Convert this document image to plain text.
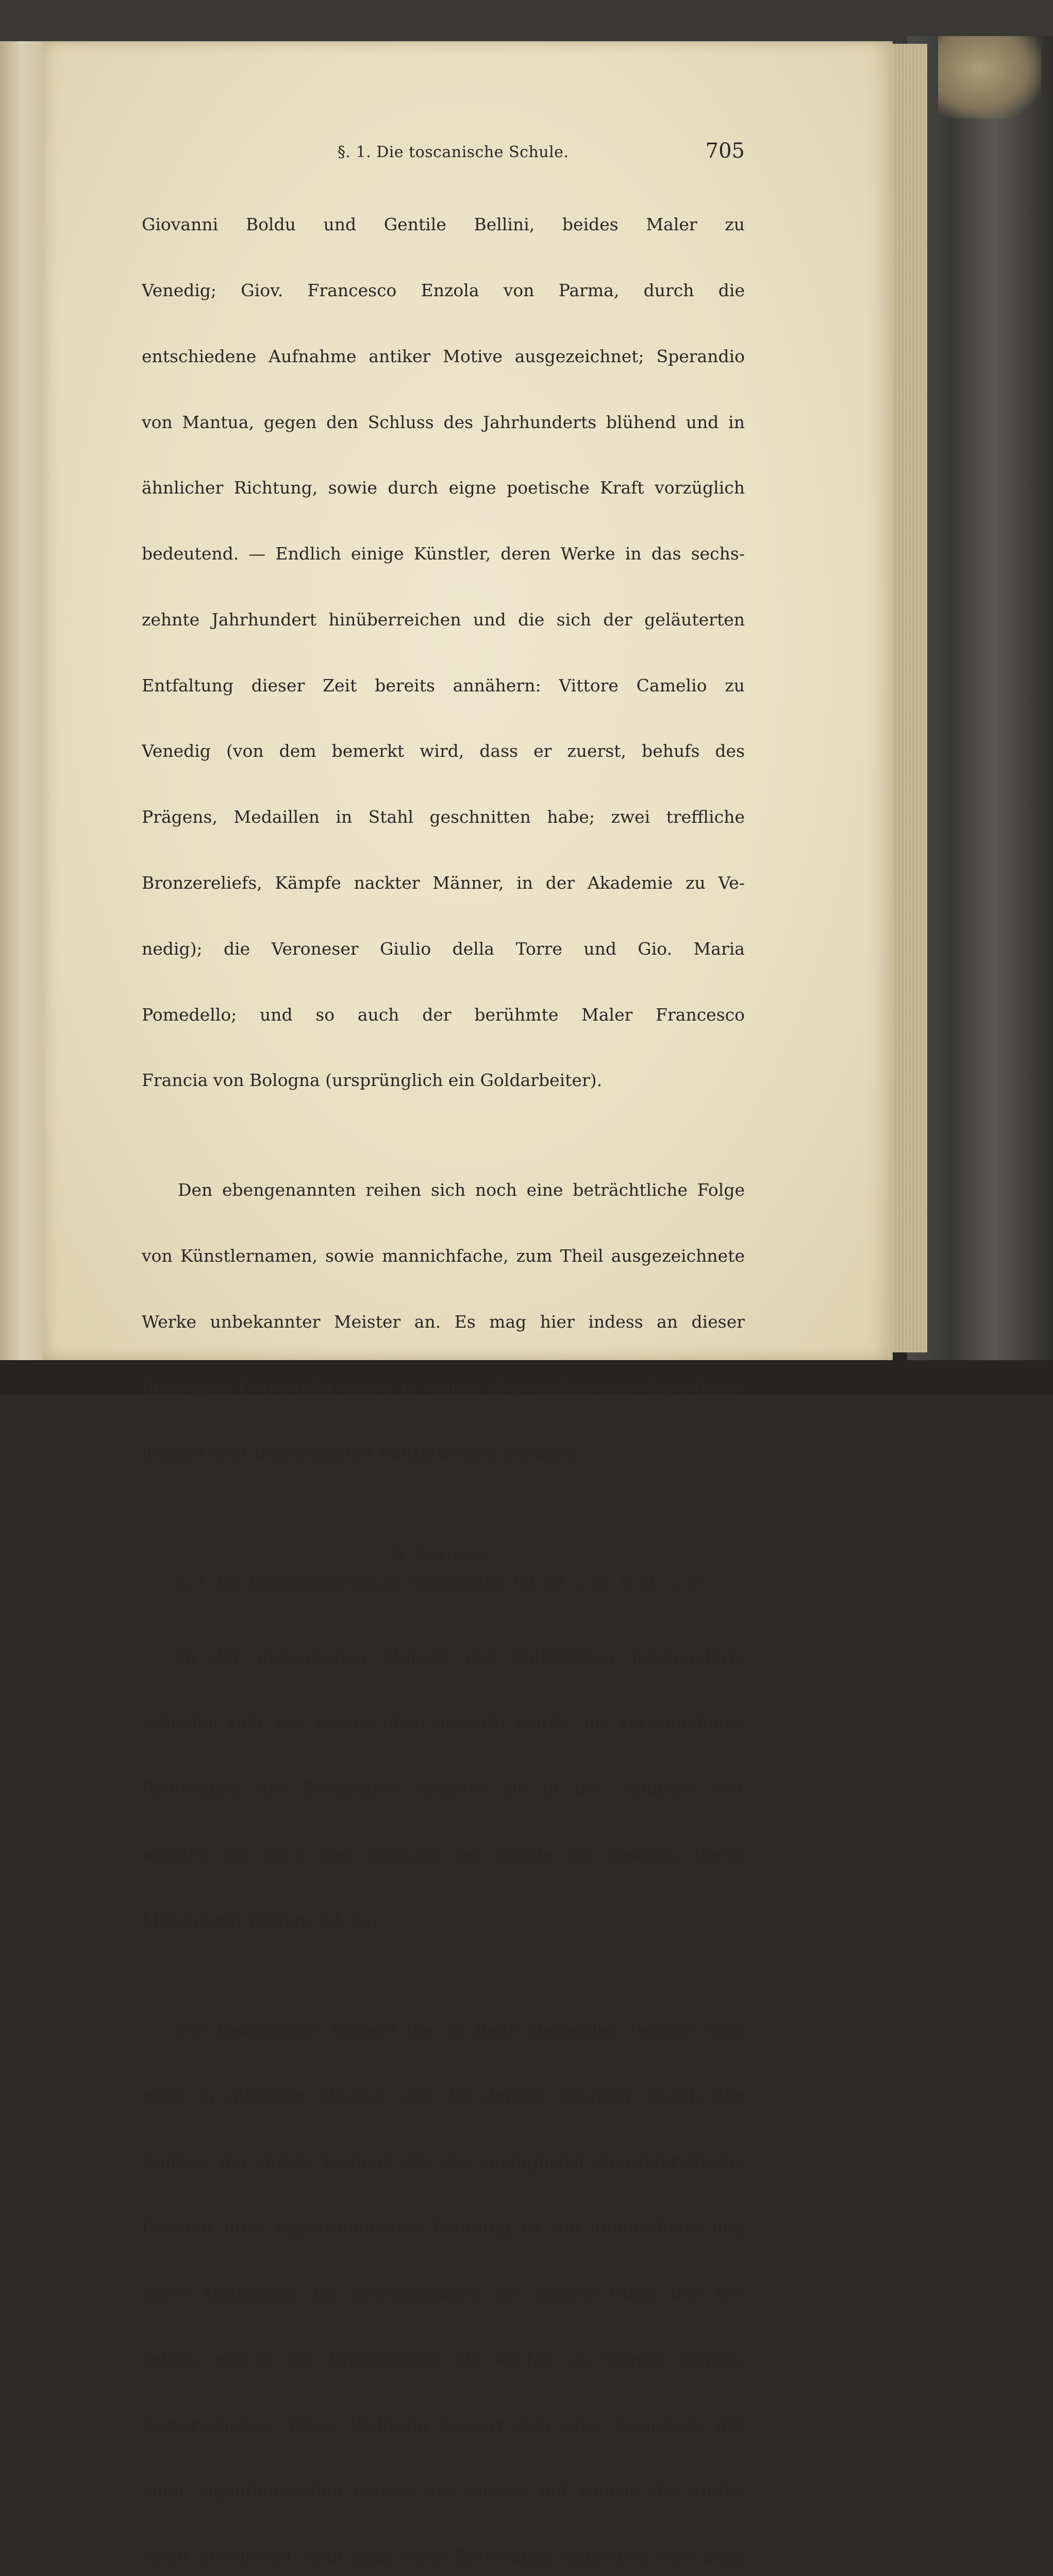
§. 1. Die toscanische Schule.	705

Giovanni Boldu und Gentile Bellini, beides Maler zu

Venedig; Giov. Francesco Enzola von Parma, durch die

entschiedene Aufnahme antiker Motive ausgezeichnet; Sperandio

von Mantua, gegen den Schluss des Jahrhunderts blühend und in

ähnlicher Richtung, sowie durch eigne poetische Kraft vorzüglich

bedeutend. — Endlich einige Künstler, deren Werke in das sechs-

zehnte Jahrhundert hinüberreichen und die sich der geläuterten

Entfaltung dieser Zeit bereits annähern: Vittore Camelio zu

Venedig (von dem bemerkt wird, dass er zuerst, behufs des

Prägens, Medaillen in Stahl geschnitten habe; zwei treffliche

Bronzereliefs, Kämpfe nackter Männer, in der Akademie zu Ve-

nedig); die Veroneser Giulio della Torre und Gio. Maria

Pomedello; und so auch der berühmte Maler Francesco

Francia von Bologna (ursprünglich ein Goldarbeiter).

Den ebengenannten reihen sich noch eine beträchtliche Folge

von Künstlernamen, sowie mannichfache, zum Theil ausgezeichnete

Werke unbekannter Meister an. Es mag hier indess an dieser

flüchtigen Uebersicht eines, in seiner abgeschlossenen Eigenthüm-

lichkeit sehr interessanten Kunstzweiges genügen.

B. Malerei.
§. 1. Die toscanische Schule. (Denkmäler Taf. 67 u. 68. D, IV. u. V.)

In der italienischen Malerei des fünfzehnten Jahrhunderts

scheiden sich, wie bereits oben bemerkt wurde, die verschiedenen

Richtungen des Zeitgeistes schärfer als in der Sculptur. Wir

wenden uns auch hier zunächst der Schule von Toscana, deren

Mittelpunkt Florenz ist, zu.

Die toscanische Malerei der in Rede stehenden Periode wird

nicht in gleichem Maasse, wie die dortige Sculptur, durch den

Einfluss der Antike bedingt. Als das vorzüglichst charakteristische

Element ihrer eigenthümlichen Richtung ist die unmittelbare und

naive Auffassung der Erscheinungen des Lebens (nach den Ge-

setzen, welche der Erscheinung, als solcher, zu Grunde liegen),

hervorzuheben. Diese Richtung äussert sich aber insgemein mit

einer eigenthümlichen Grösse des Sinnes, auf welche die Antike

somit gleichwohl nicht ganz ohne Einwirkung geblieben sein mag;
